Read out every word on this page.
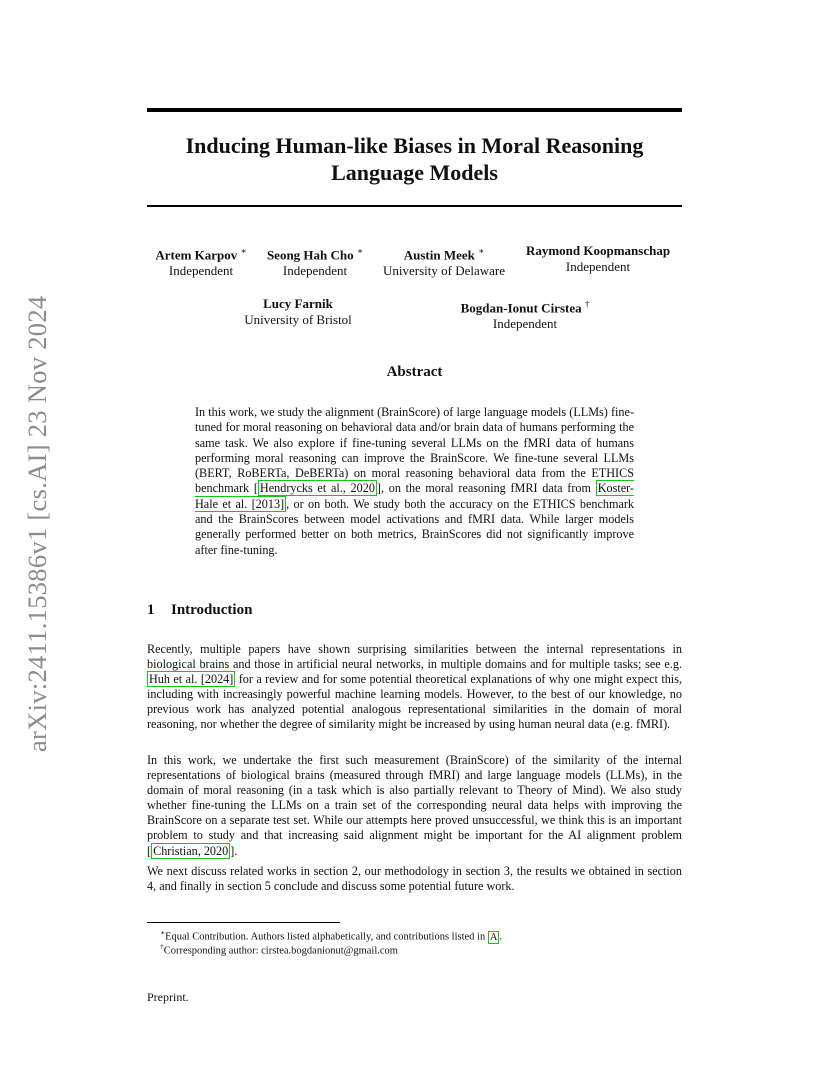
arXiv:2411.15386v1 [cs.AI] 23 Nov 2024
Inducing Human-like Biases in Moral Reasoning
Language Models
Artem Karpov ∗
Independent
Seong Hah Cho ∗
Independent
Austin Meek ∗
University of Delaware
Raymond Koopmanschap
Independent
Lucy Farnik
University of Bristol
Bogdan-Ionut Cirstea †
Independent
Abstract
In this work, we study the alignment (BrainScore) of large language models (LLMs) fine-tuned for moral reasoning on behavioral data and/or brain data of humans performing the same task. We also explore if fine-tuning several LLMs on the fMRI data of humans performing moral reasoning can improve the BrainScore. We fine-tune several LLMs (BERT, RoBERTa, DeBERTa) on moral reasoning behavioral data from the ETHICS benchmark [ Hendrycks et al., 2020 ], on the moral reasoning fMRI data from Koster-Hale et al. [2013] , or on both. We study both the accuracy on the ETHICS benchmark and the BrainScores between model activations and fMRI data. While larger models generally performed better on both metrics, BrainScores did not significantly improve after fine-tuning.
1 Introduction
Recently, multiple papers have shown surprising similarities between the internal representations in biological brains and those in artificial neural networks, in multiple domains and for multiple tasks; see e.g. Huh et al. [2024] for a review and for some potential theoretical explanations of why one might expect this, including with increasingly powerful machine learning models. However, to the best of our knowledge, no previous work has analyzed potential analogous representational similarities in the domain of moral reasoning, nor whether the degree of similarity might be increased by using human neural data (e.g. fMRI).
In this work, we undertake the first such measurement (BrainScore) of the similarity of the internal representations of biological brains (measured through fMRI) and large language models (LLMs), in the domain of moral reasoning (in a task which is also partially relevant to Theory of Mind). We also study whether fine-tuning the LLMs on a train set of the corresponding neural data helps with improving the BrainScore on a separate test set. While our attempts here proved unsuccessful, we think this is an important problem to study and that increasing said alignment might be important for the AI alignment problem [ Christian, 2020 ].
We next discuss related works in section 2, our methodology in section 3, the results we obtained in section 4, and finally in section 5 conclude and discuss some potential future work.
∗Equal Contribution. Authors listed alphabetically, and contributions listed in A .
†Corresponding author: cirstea.bogdanionut@gmail.com
Preprint.
